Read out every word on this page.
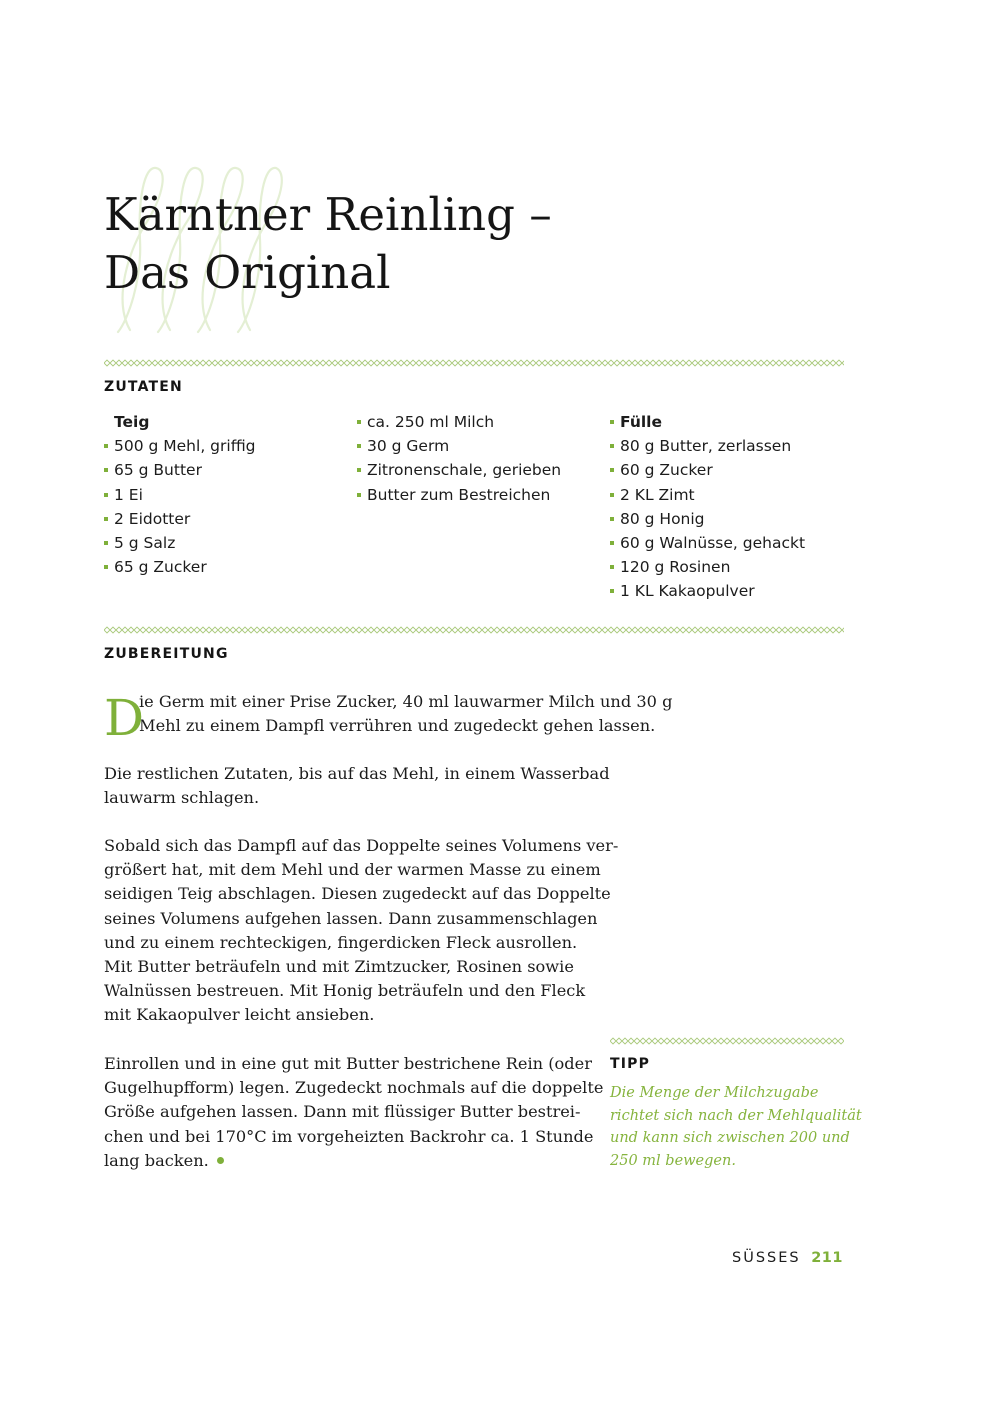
Kärntner Reinling –
Das Original
ZUTATEN
Teig
500 g Mehl, griffig
65 g Butter
1 Ei
2 Eidotter
5 g Salz
65 g Zucker
ca. 250 ml Milch
30 g Germ
Zitronenschale, gerieben
Butter zum Bestreichen
Fülle
80 g Butter, zerlassen
60 g Zucker
2 KL Zimt
80 g Honig
60 g Walnüsse, gehackt
120 g Rosinen
1 KL Kakaopulver
ZUBEREITUNG
D
ie Germ mit einer Prise Zucker, 40 ml lauwarmer Milch und 30 g
Mehl zu einem Dampfl verrühren und zugedeckt gehen lassen.
Die restlichen Zutaten, bis auf das Mehl, in einem Wasserbad
lauwarm schlagen.
Sobald sich das Dampfl auf das Doppelte seines Volumens ver-
größert hat, mit dem Mehl und der warmen Masse zu einem
seidigen Teig abschlagen. Diesen zugedeckt auf das Doppelte
seines Volumens aufgehen lassen. Dann zusammenschlagen
und zu einem rechteckigen, fingerdicken Fleck ausrollen.
Mit Butter beträufeln und mit Zimtzucker, Rosinen sowie
Walnüssen bestreuen. Mit Honig beträufeln und den Fleck
mit Kakaopulver leicht ansieben.
Einrollen und in eine gut mit Butter bestrichene Rein (oder
Gugelhupfform) legen. Zugedeckt nochmals auf die doppelte
Größe aufgehen lassen. Dann mit flüssiger Butter bestrei-
chen und bei 170°C im vorgeheizten Backrohr ca. 1 Stunde
lang backen.
TIPP
Die Menge der Milchzugabe
richtet sich nach der Mehlqualität
und kann sich zwischen 200 und
250 ml bewegen.
SÜSSES 211
